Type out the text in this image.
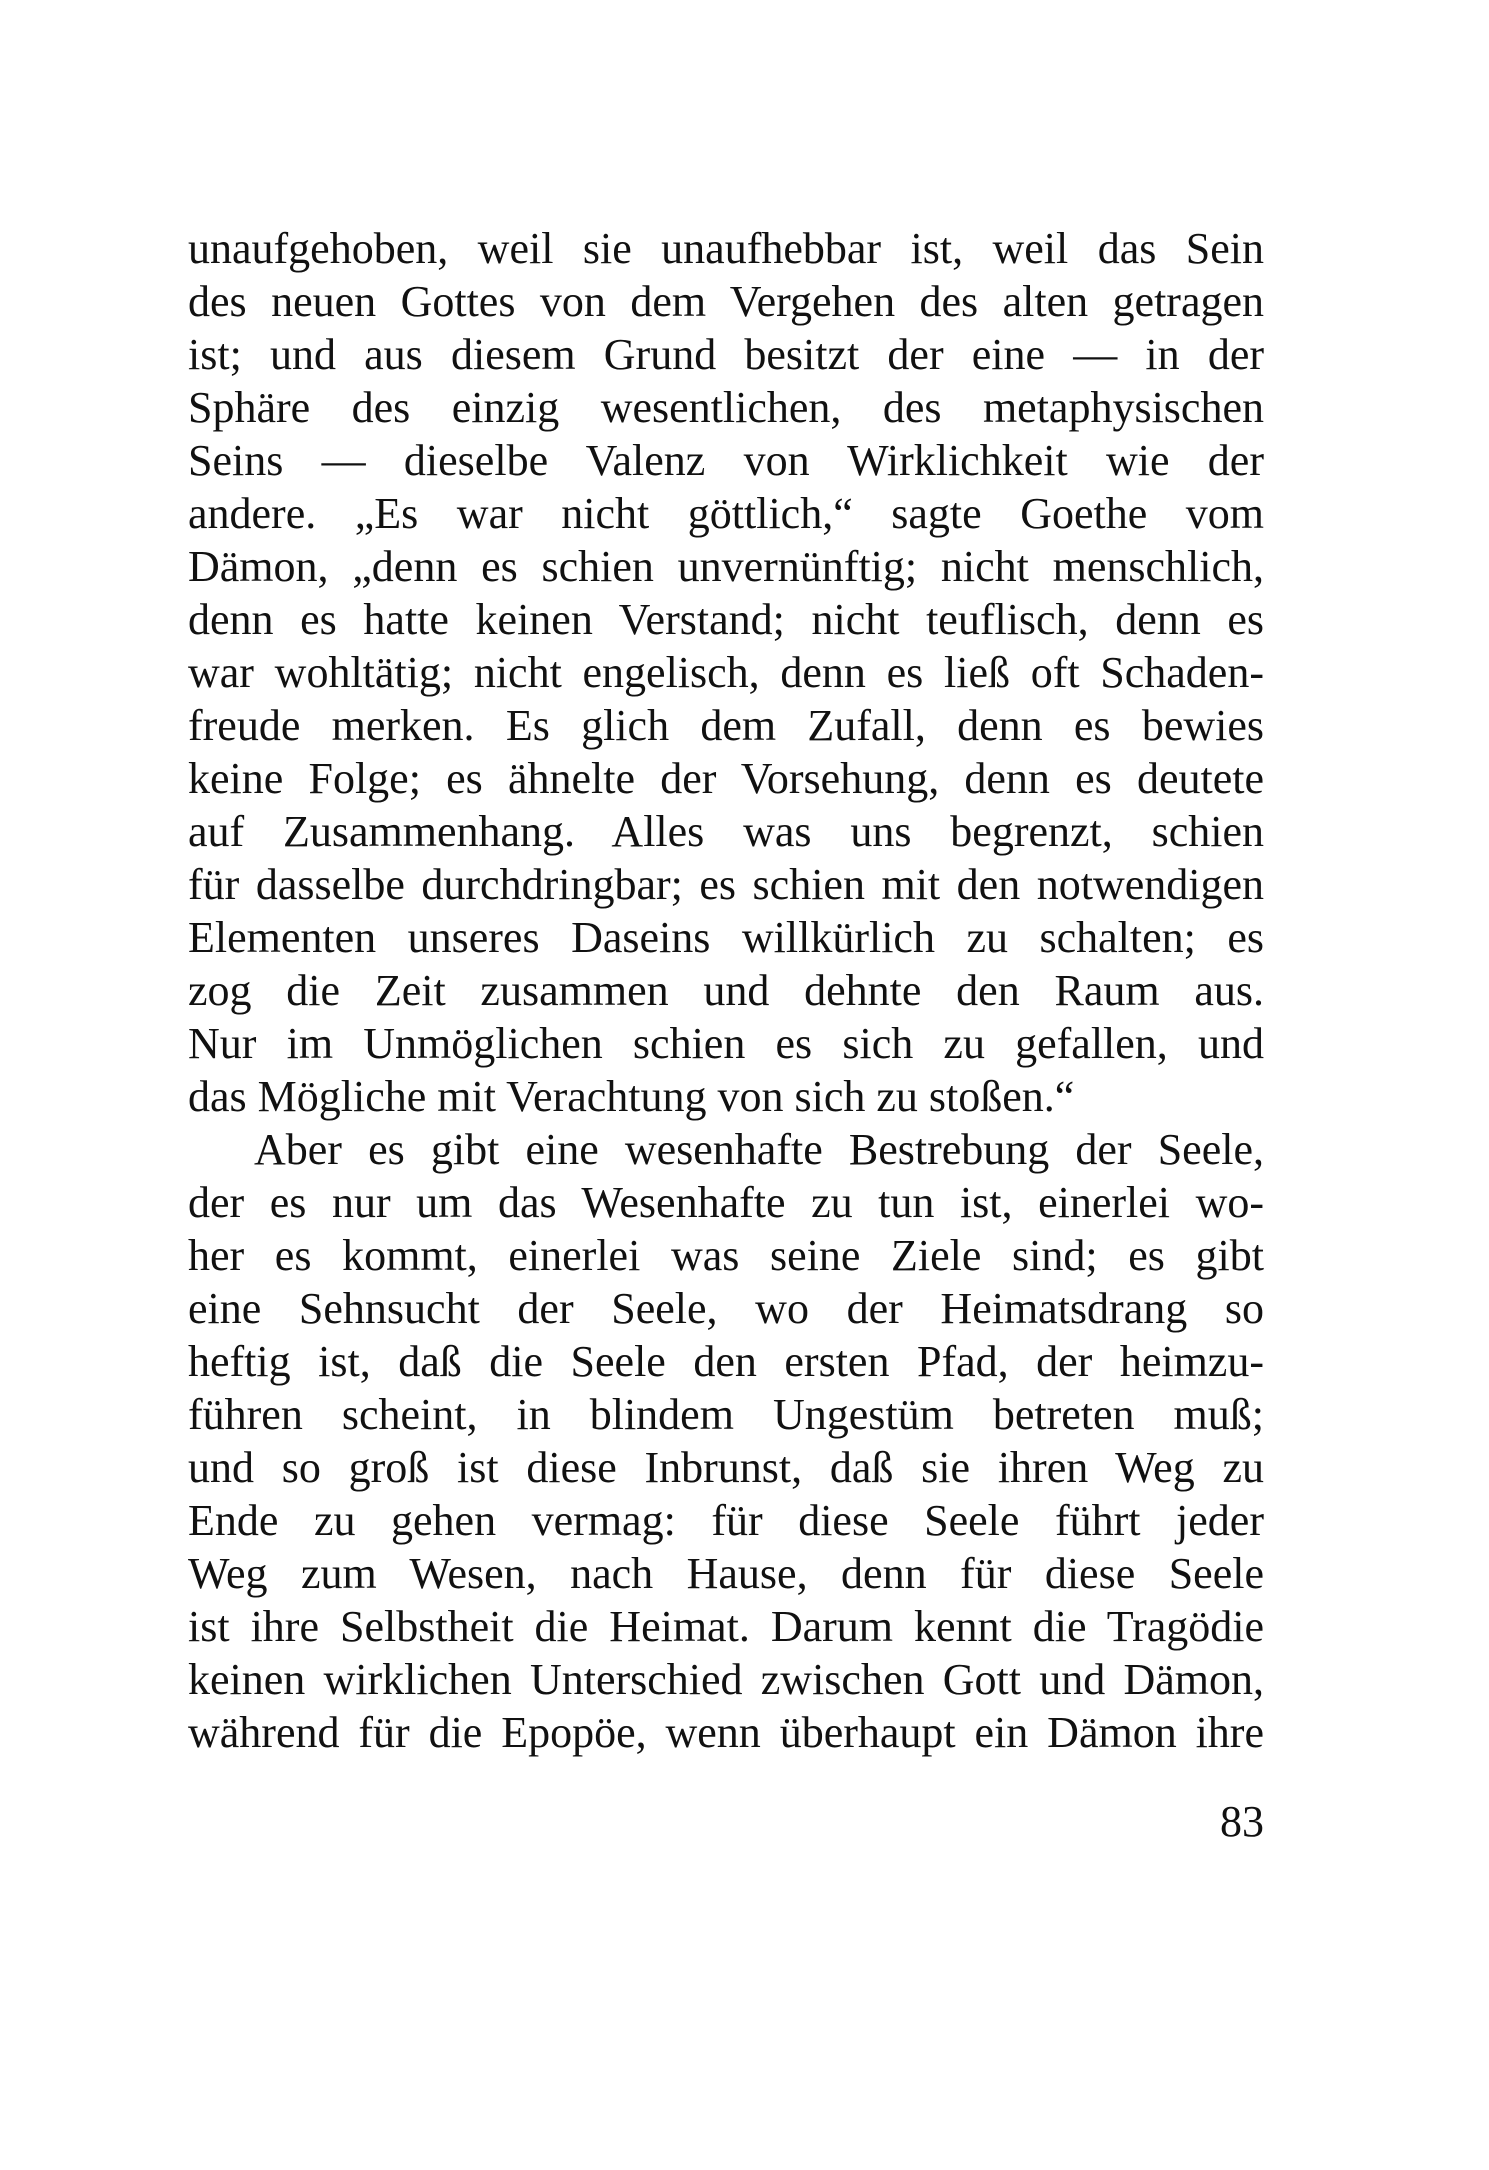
unaufgehoben, weil sie unaufhebbar ist, weil das Sein
des neuen Gottes von dem Vergehen des alten getragen
ist; und aus diesem Grund besitzt der eine — in der
Sphäre des einzig wesentlichen, des metaphysischen
Seins — dieselbe Valenz von Wirklichkeit wie der
andere. „Es war nicht göttlich,“ sagte Goethe vom
Dämon, „denn es schien unvernünftig; nicht menschlich,
denn es hatte keinen Verstand; nicht teuflisch, denn es
war wohltätig; nicht engelisch, denn es ließ oft Schaden-
freude merken. Es glich dem Zufall, denn es bewies
keine Folge; es ähnelte der Vorsehung, denn es deutete
auf Zusammenhang. Alles was uns begrenzt, schien
für dasselbe durchdringbar; es schien mit den notwendigen
Elementen unseres Daseins willkürlich zu schalten; es
zog die Zeit zusammen und dehnte den Raum aus.
Nur im Unmöglichen schien es sich zu gefallen, und
das Mögliche mit Verachtung von sich zu stoßen.“
Aber es gibt eine wesenhafte Bestrebung der Seele,
der es nur um das Wesenhafte zu tun ist, einerlei wo-
her es kommt, einerlei was seine Ziele sind; es gibt
eine Sehnsucht der Seele, wo der Heimatsdrang so
heftig ist, daß die Seele den ersten Pfad, der heimzu-
führen scheint, in blindem Ungestüm betreten muß;
und so groß ist diese Inbrunst, daß sie ihren Weg zu
Ende zu gehen vermag: für diese Seele führt jeder
Weg zum Wesen, nach Hause, denn für diese Seele
ist ihre Selbstheit die Heimat. Darum kennt die Tragödie
keinen wirklichen Unterschied zwischen Gott und Dämon,
während für die Epopöe, wenn überhaupt ein Dämon ihre
83
